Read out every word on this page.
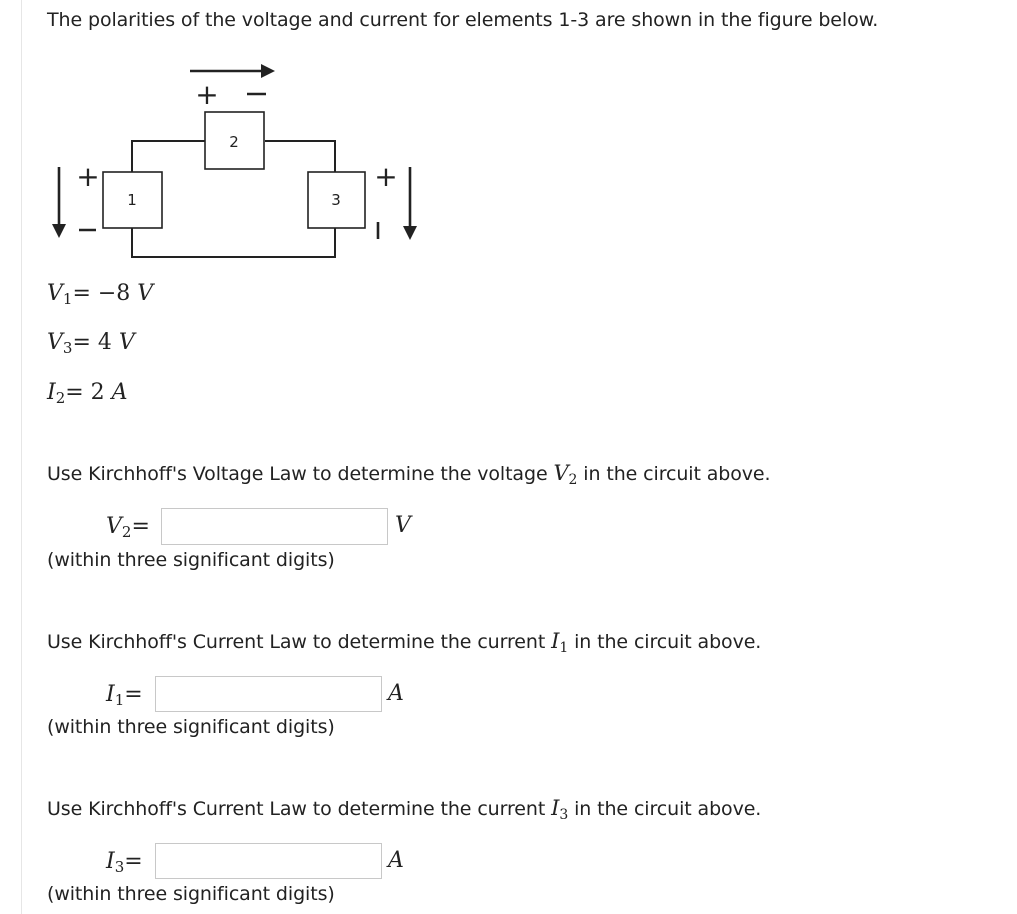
The polarities of the voltage and current for elements 1-3 are shown in the figure below.
2
1	3
+
+	+
$V_1= -8$ V
$V_3= 4$ V
$I_2= 2$ A
Use Kirchhoff's Voltage Law to determine the voltage $V_2$ in the circuit above.
$V_2=$	V
(within three significant digits)
Use Kirchhoff's Current Law to determine the current $I_1$ in the circuit above.
$I_1=$	A
(within three significant digits)
Use Kirchhoff's Current Law to determine the current $I_3$ in the circuit above.
$I_3=$	A
(within three significant digits)
